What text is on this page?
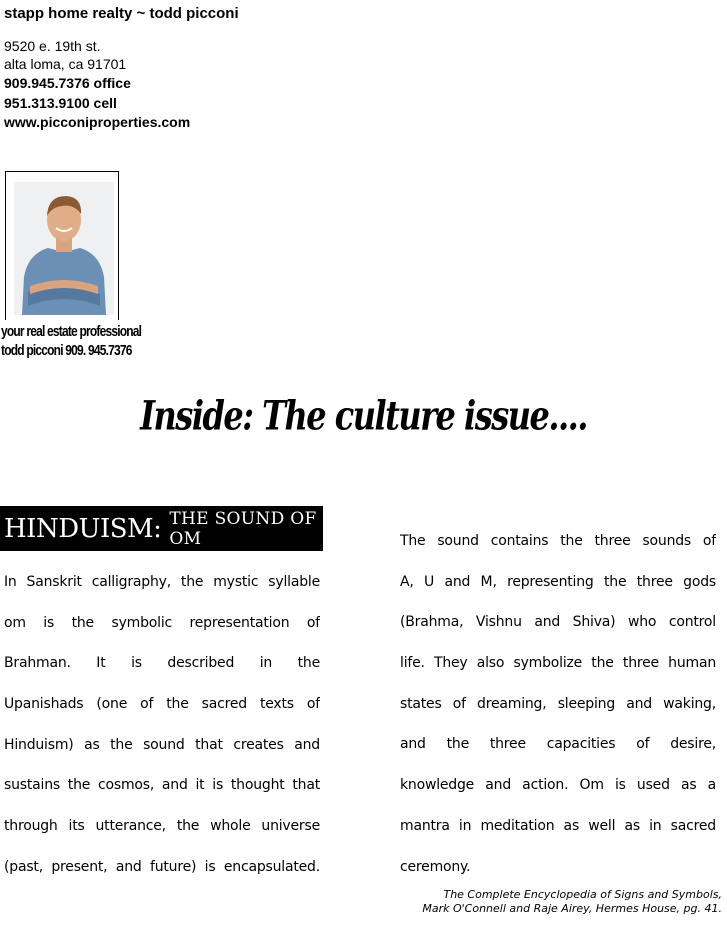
stapp home realty ~ todd picconi
9520 e. 19th st.
alta loma, ca 91701
909.945.7376 office
951.313.9100 cell
www.picconiproperties.com
your real estate professional
todd picconi 909. 945.7376
Inside: The culture issue....
HINDUISM: THE SOUND OF OM
In Sanskrit calligraphy, the mystic syllable
om is the symbolic representation of
Brahman. It is described in the
Upanishads (one of the sacred texts of
Hinduism) as the sound that creates and
sustains the cosmos, and it is thought that
through its utterance, the whole universe
(past, present, and future) is encapsulated.
The sound contains the three sounds of
A, U and M, representing the three gods
(Brahma, Vishnu and Shiva) who control
life. They also symbolize the three human
states of dreaming, sleeping and waking,
and the three capacities of desire,
knowledge and action. Om is used as a
mantra in meditation as well as in sacred
ceremony.
The Complete Encyclopedia of Signs and Symbols,
Mark O'Connell and Raje Airey, Hermes House, pg. 41.
